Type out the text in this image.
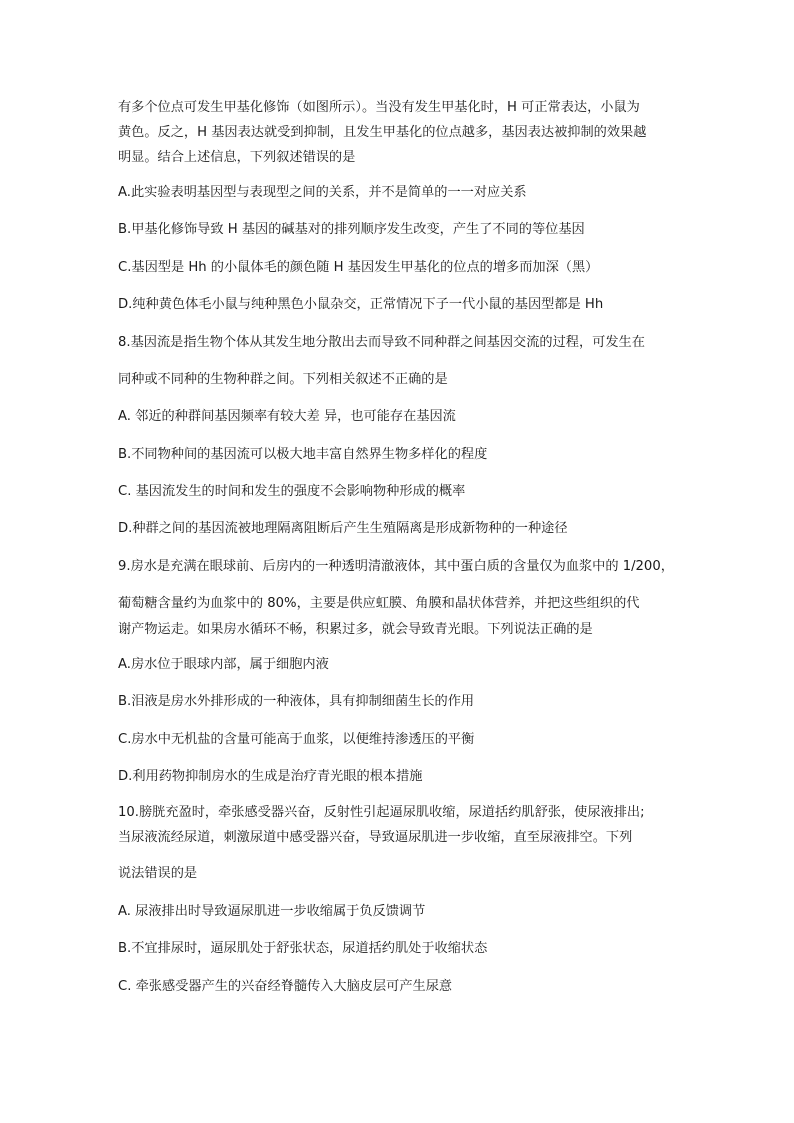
有多个位点可发生甲基化修饰（如图所示）。当没有发生甲基化时，H 可正常表达，小鼠为
黄色。反之，H 基因表达就受到抑制，且发生甲基化的位点越多，基因表达被抑制的效果越
明显。结合上述信息，下列叙述错误的是
A.此实验表明基因型与表现型之间的关系，并不是简单的一一对应关系
B.甲基化修饰导致 H 基因的碱基对的排列顺序发生改变，产生了不同的等位基因
C.基因型是 Hh 的小鼠体毛的颜色随 H 基因发生甲基化的位点的增多而加深（黑）
D.纯种黄色体毛小鼠与纯种黑色小鼠杂交，正常情况下子一代小鼠的基因型都是 Hh
8.基因流是指生物个体从其发生地分散出去而导致不同种群之间基因交流的过程，可发生在
同种或不同种的生物种群之间。下列相关叙述不正确的是
A. 邻近的种群间基因频率有较大差 异，也可能存在基因流
B.不同物种间的基因流可以极大地丰富自然界生物多样化的程度
C. 基因流发生的时间和发生的强度不会影响物种形成的概率
D.种群之间的基因流被地理隔离阻断后产生生殖隔离是形成新物种的一种途径
9.房水是充满在眼球前、后房内的一种透明清澈液体，其中蛋白质的含量仅为血浆中的 1/200，
葡萄糖含量约为血浆中的 80%，主要是供应虹膜、角膜和晶状体营养，并把这些组织的代
谢产物运走。如果房水循环不畅，积累过多，就会导致青光眼。下列说法正确的是
A.房水位于眼球内部，属于细胞内液
B.泪液是房水外排形成的一种液体，具有抑制细菌生长的作用
C.房水中无机盐的含量可能高于血浆，以便维持渗透压的平衡
D.利用药物抑制房水的生成是治疗青光眼的根本措施
10.膀胱充盈时，牵张感受器兴奋，反射性引起逼尿肌收缩，尿道括约肌舒张，使尿液排出;
当尿液流经尿道，刺激尿道中感受器兴奋，导致逼尿肌进一步收缩，直至尿液排空。下列
说法错误的是
A. 尿液排出时导致逼尿肌进一步收缩属于负反馈调节
B.不宜排尿时，逼尿肌处于舒张状态，尿道括约肌处于收缩状态
C. 牵张感受器产生的兴奋经脊髓传入大脑皮层可产生尿意
